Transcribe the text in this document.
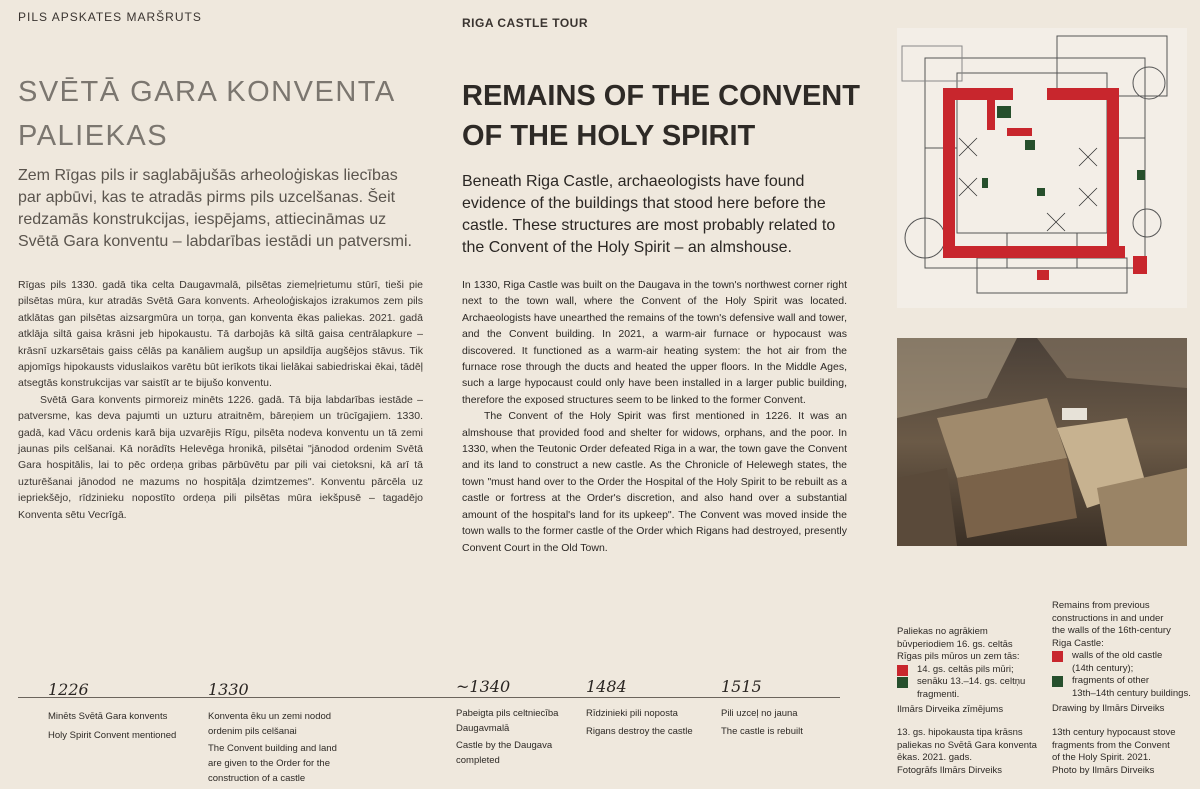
PILS APSKATES MARŠRUTS	RIGA CASTLE TOUR
SVĒTĀ GARA KONVENTA
PALIEKAS
REMAINS OF THE CONVENT
OF THE HOLY SPIRIT
Zem Rīgas pils ir saglabājušās arheoloģiskas liecības par apbūvi, kas te atradās pirms pils uzcelšanas. Šeit redzamās konstrukcijas, iespējams, attiecināmas uz Svētā Gara konventu – labdarības iestādi un patversmi.
Beneath Riga Castle, archaeologists have found evidence of the buildings that stood here before the castle. These structures are most probably related to the Convent of the Holy Spirit – an almshouse.

Rīgas pils 1330. gadā tika celta Daugavmalā, pilsētas ziemeļrietumu stūrī, tieši pie pilsētas mūra, kur atradās Svētā Gara konvents. Arheoloģiskajos izrakumos zem pils atklātas gan pilsētas aizsargmūra un torņa, gan konventa ēkas paliekas. 2021. gadā atklāja siltā gaisa krāsni jeb hipokaustu. Tā darbojās kā siltā gaisa centrālapkure – krāsnī uzkarsētais gaiss cēlās pa kanāliem augšup un apsildīja augšējos stāvus. Tik apjomīgs hipokausts viduslaikos varētu būt ierīkots tikai lielākai sabiedriskai ēkai, tādēļ atsegtās konstrukcijas var saistīt ar te bijušo konventu.

Svētā Gara konvents pirmoreiz minēts 1226. gadā. Tā bija labdarības iestāde – patversme, kas deva pajumti un uzturu atraitnēm, bāreņiem un trūcīgajiem. 1330. gadā, kad Vācu ordenis karā bija uzvarējis Rīgu, pilsēta nodeva konventu un tā zemi jaunas pils celšanai. Kā norādīts Helevēga hronikā, pilsētai "jānodod ordenim Svētā Gara hospitālis, lai to pēc ordeņa gribas pārbūvētu par pili vai cietoksni, kā arī tā uzturēšanai jānodod ne mazums no hospitāļa dzimtzemes". Konventu pārcēla uz iepriekšējo, rīdzinieku nopostīto ordeņa pili pilsētas mūra iekšpusē – tagadējo Konventa sētu Vecrīgā.

In 1330, Riga Castle was built on the Daugava in the town's northwest corner right next to the town wall, where the Convent of the Holy Spirit was located. Archaeologists have unearthed the remains of the town's defensive wall and tower, and the Convent building. In 2021, a warm-air furnace or hypocaust was discovered. It functioned as a warm-air heating system: the hot air from the furnace rose through the ducts and heated the upper floors. In the Middle Ages, such a large hypocaust could only have been installed in a larger public building, therefore the exposed structures seem to be linked to the former Convent.

The Convent of the Holy Spirit was first mentioned in 1226. It was an almshouse that provided food and shelter for widows, orphans, and the poor. In 1330, when the Teutonic Order defeated Riga in a war, the town gave the Convent and its land to construct a new castle. As the Chronicle of Helewegh states, the town "must hand over to the Order the Hospital of the Holy Spirit to be rebuilt as a castle or fortress at the Order's discretion, and also hand over a substantial amount of the hospital's land for its upkeep". The Convent was moved inside the town walls to the former castle of the Order which Rigans had destroyed, presently Convent Court in the Old Town.

1226
Minēts Svētā Gara konvents
Holy Spirit Convent mentioned
1330
Konventa ēku un zemi nodod ordenim pils celšanai
The Convent building and land are given to the Order for the construction of a castle
~1340
Pabeigta pils celtniecība Daugavmalā
Castle by the Daugava completed
1484
Rīdzinieki pili noposta
Rigans destroy the castle
1515
Pili uzceļ no jauna
The castle is rebuilt
Paliekas no agrākiem
būvperiodiem 16. gs. celtās
Rīgas pils mūros un zem tās:
14. gs. celtās pils mūri;
senāku 13.–14. gs. celtņu
fragmenti.
Ilmārs Dirveika zīmējums
Remains from previous
constructions in and under
the walls of the 16th-century
Riga Castle:
walls of the old castle
(14th century);
fragments of other
13th–14th century buildings.
Drawing by Ilmārs Dirveiks
13. gs. hipokausta tipa krāsns
paliekas no Svētā Gara konventa
ēkas. 2021. gads.
Fotogrāfs Ilmārs Dirveiks
13th century hypocaust stove
fragments from the Convent
of the Holy Spirit. 2021.
Photo by Ilmārs Dirveiks
